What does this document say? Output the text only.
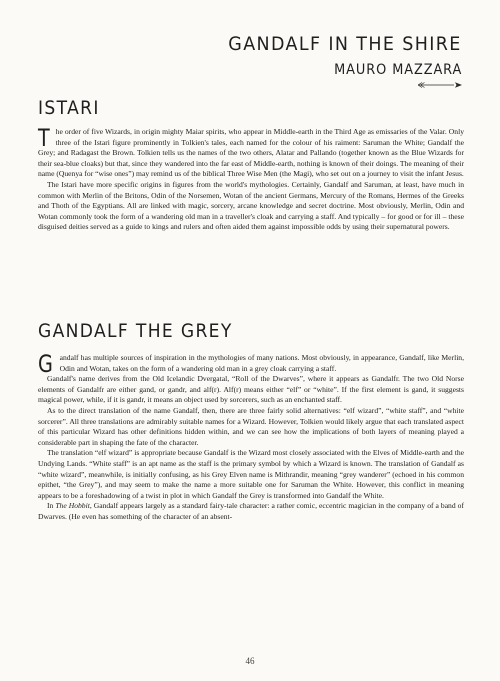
GANDALF IN THE SHIRE
MAURO MAZZARA
ISTARI

The order of five Wizards, in origin mighty Maiar spirits, who appear in Middle-earth in the Third Age as emissaries of the Valar. Only three of the Istari figure prominently in Tolkien's tales, each named for the colour of his raiment: Saruman the White; Gandalf the Grey; and Radagast the Brown. Tolkien tells us the names of the two others, Alatar and Pallando (together known as the Blue Wizards for their sea-blue cloaks) but that, since they wandered into the far east of Middle-earth, nothing is known of their doings. The meaning of their name (Quenya for “wise ones”) may remind us of the biblical Three Wise Men (the Magi), who set out on a journey to visit the infant Jesus.

The Istari have more specific origins in figures from the world's mythologies. Certainly, Gandalf and Saruman, at least, have much in common with Merlin of the Britons, Odin of the Norsemen, Wotan of the ancient Germans, Mercury of the Romans, Hermes of the Greeks and Thoth of the Egyptians. All are linked with magic, sorcery, arcane knowledge and secret doctrine. Most obviously, Merlin, Odin and Wotan commonly took the form of a wandering old man in a traveller's cloak and carrying a staff. And typically – for good or for ill – these disguised deities served as a guide to kings and rulers and often aided them against impossible odds by using their supernatural powers.

GANDALF THE GREY

Gandalf has multiple sources of inspiration in the mythologies of many nations. Most obviously, in appearance, Gandalf, like Merlin, Odin and Wotan, takes on the form of a wandering old man in a grey cloak carrying a staff.

Gandalf's name derives from the Old Icelandic Dvergatal, “Roll of the Dwarves”, where it appears as Gandalfr. The two Old Norse elements of Gandalfr are either gand, or gandr, and alf(r). Alf(r) means either “elf” or “white”. If the first element is gand, it suggests magical power, while, if it is gandr, it means an object used by sorcerers, such as an enchanted staff.

As to the direct translation of the name Gandalf, then, there are three fairly solid alternatives: “elf wizard”, “white staff”, and “white sorcerer”. All three translations are admirably suitable names for a Wizard. However, Tolkien would likely argue that each translated aspect of this particular Wizard has other definitions hidden within, and we can see how the implications of both layers of meaning played a considerable part in shaping the fate of the character.

The translation “elf wizard” is appropriate because Gandalf is the Wizard most closely associated with the Elves of Middle-earth and the Undying Lands. “White staff” is an apt name as the staff is the primary symbol by which a Wizard is known. The translation of Gandalf as “white wizard”, meanwhile, is initially confusing, as his Grey Elven name is Mithrandir, meaning “grey wanderer” (echoed in his common epithet, “the Grey”), and may seem to make the name a more suitable one for Saruman the White. However, this conflict in meaning appears to be a foreshadowing of a twist in plot in which Gandalf the Grey is transformed into Gandalf the White.

In The Hobbit, Gandalf appears largely as a standard fairy-tale character: a rather comic, eccentric magician in the company of a band of Dwarves. (He even has something of the character of an absent-

46
